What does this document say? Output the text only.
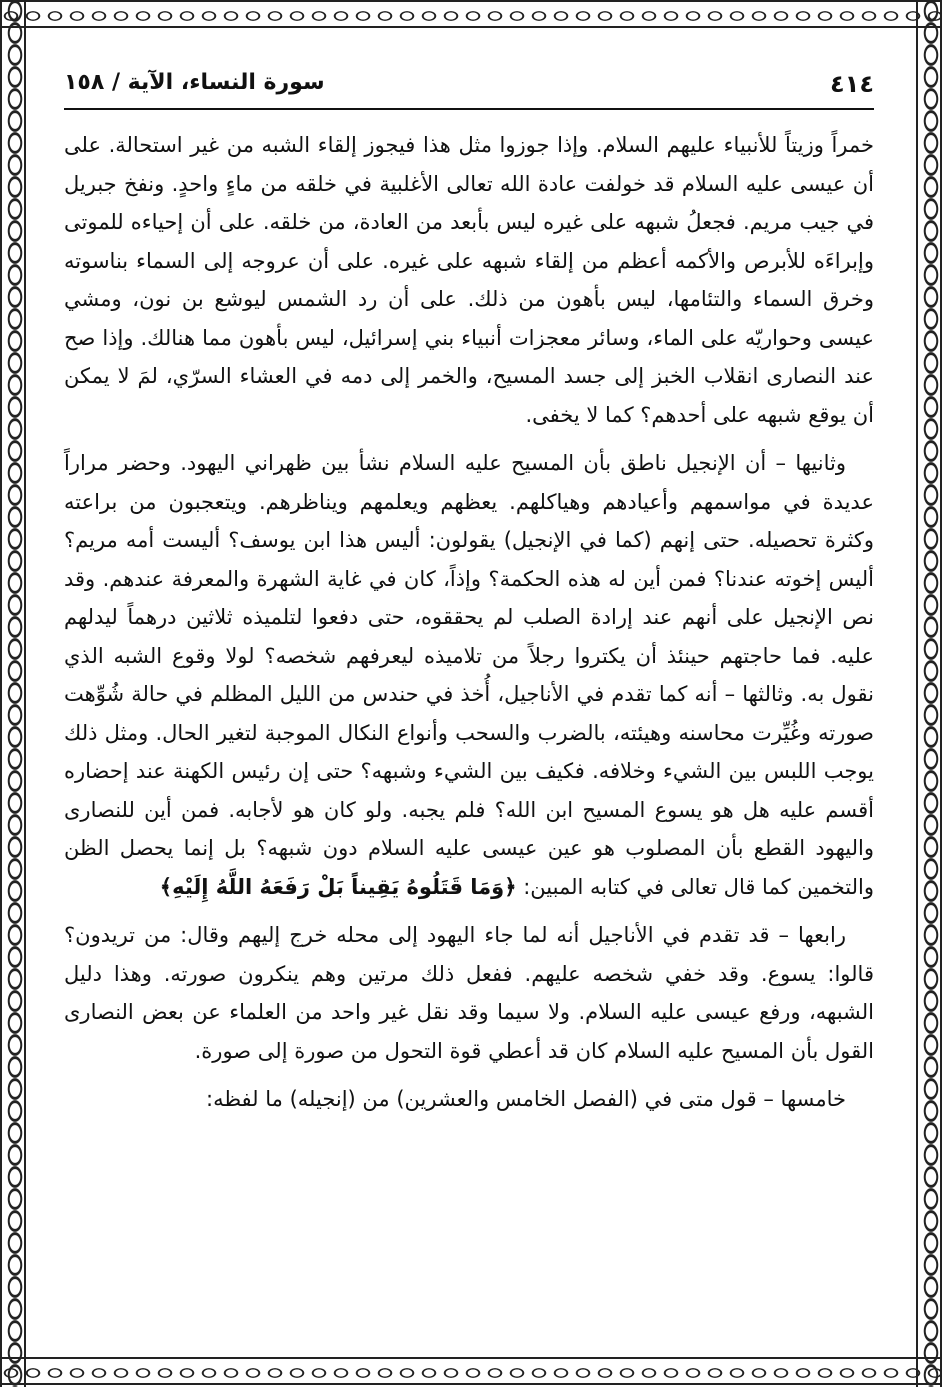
٤١٤
سورة النساء، الآية / ١٥٨

خمراً وزيتاً للأنبياء عليهم السلام. وإذا جوزوا مثل هذا فيجوز إلقاء الشبه من غير استحالة. على أن عيسى عليه السلام قد خولفت عادة الله تعالى الأغلبية في خلقه من ماءٍ واحدٍ. ونفخ جبريل في جيب مريم. فجعلُ شبهه على غيره ليس بأبعد من العادة، من خلقه. على أن إحياءه للموتى وإبراءَه للأبرص والأكمه أعظم من إلقاء شبهه على غيره. على أن عروجه إلى السماء بناسوته وخرق السماء والتئامها، ليس بأهون من ذلك. على أن رد الشمس ليوشع بن نون، ومشي عيسى وحواريّه على الماء، وسائر معجزات أنبياء بني إسرائيل، ليس بأهون مما هنالك. وإذا صح عند النصارى انقلاب الخبز إلى جسد المسيح، والخمر إلى دمه في العشاء السرّي، لمَ لا يمكن أن يوقع شبهه على أحدهم؟ كما لا يخفى.

وثانيها – أن الإنجيل ناطق بأن المسيح عليه السلام نشأ بين ظهراني اليهود. وحضر مراراً عديدة في مواسمهم وأعيادهم وهياكلهم. يعظهم ويعلمهم ويناظرهم. ويتعجبون من براعته وكثرة تحصيله. حتى إنهم (كما في الإنجيل) يقولون: أليس هذا ابن يوسف؟ أليست أمه مريم؟ أليس إخوته عندنا؟ فمن أين له هذه الحكمة؟ وإذاً، كان في غاية الشهرة والمعرفة عندهم. وقد نص الإنجيل على أنهم عند إرادة الصلب لم يحققوه، حتى دفعوا لتلميذه ثلاثين درهماً ليدلهم عليه. فما حاجتهم حينئذ أن يكتروا رجلاً من تلاميذه ليعرفهم شخصه؟ لولا وقوع الشبه الذي نقول به. وثالثها – أنه كما تقدم في الأناجيل، أُخذ في حندس من الليل المظلم في حالة شُوِّهت صورته وغُيِّرت محاسنه وهيئته، بالضرب والسحب وأنواع النكال الموجبة لتغير الحال. ومثل ذلك يوجب اللبس بين الشيء وخلافه. فكيف بين الشيء وشبهه؟ حتى إن رئيس الكهنة عند إحضاره أقسم عليه هل هو يسوع المسيح ابن الله؟ فلم يجبه. ولو كان هو لأجابه. فمن أين للنصارى واليهود القطع بأن المصلوب هو عين عيسى عليه السلام دون شبهه؟ بل إنما يحصل الظن والتخمين كما قال تعالى في كتابه المبين: ﴿وَمَا قَتَلُوهُ يَقِيناً بَلْ رَفَعَهُ اللَّهُ إِلَيْهِ﴾

رابعها – قد تقدم في الأناجيل أنه لما جاء اليهود إلى محله خرج إليهم وقال: من تريدون؟ قالوا: يسوع. وقد خفي شخصه عليهم. ففعل ذلك مرتين وهم ينكرون صورته. وهذا دليل الشبهه، ورفع عيسى عليه السلام. ولا سيما وقد نقل غير واحد من العلماء عن بعض النصارى القول بأن المسيح عليه السلام كان قد أعطي قوة التحول من صورة إلى صورة.

خامسها – قول متى في (الفصل الخامس والعشرين) من (إنجيله) ما لفظه:
